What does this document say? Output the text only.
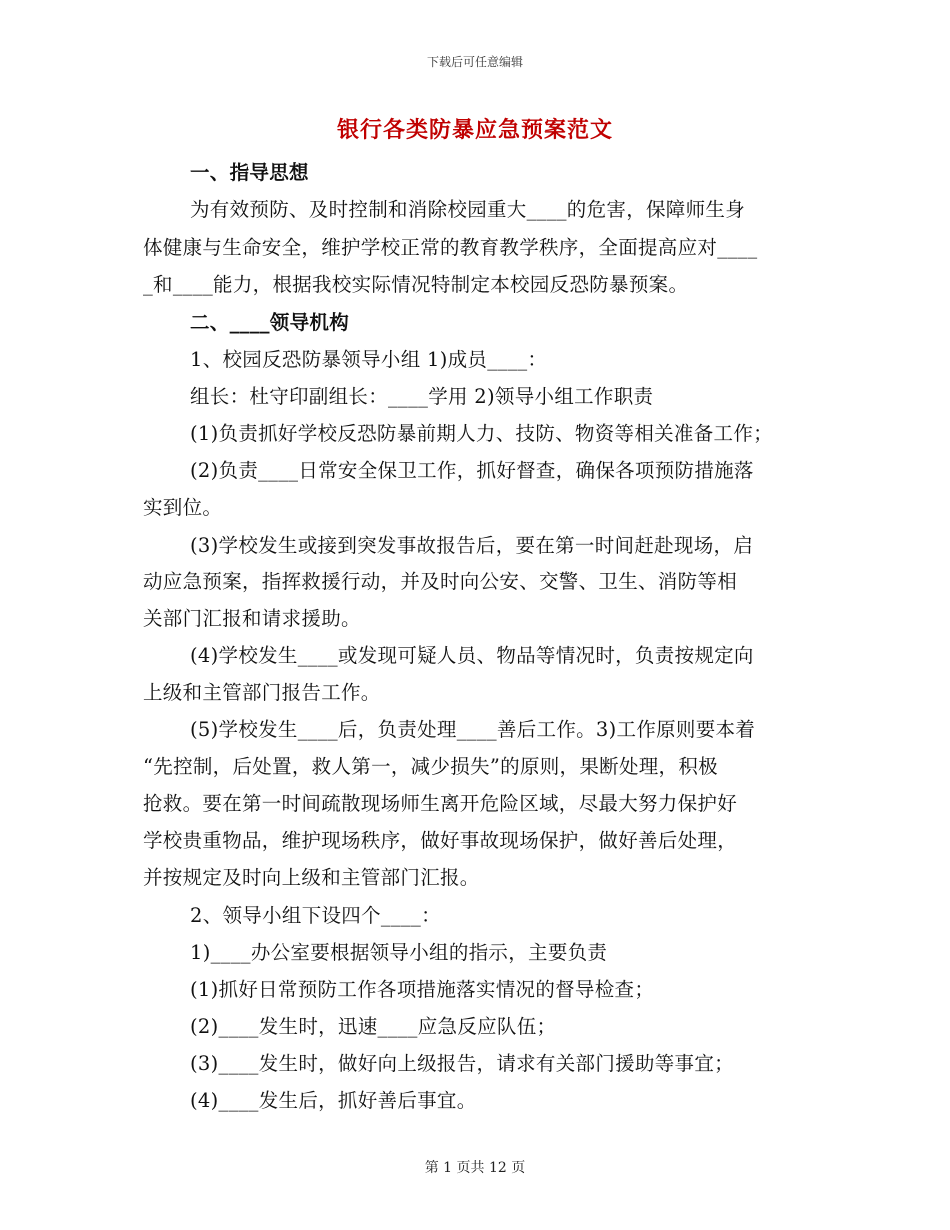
下载后可任意编辑
银行各类防暴应急预案范文
一、指导思想
为有效预防、及时控制和消除校园重大____的危害，保障师生身
体健康与生命安全，维护学校正常的教育教学秩序，全面提高应对____
_和____能力，根据我校实际情况特制定本校园反恐防暴预案。
二、____领导机构
1、校园反恐防暴领导小组 1)成员____：
组长：杜守印副组长：____学用 2)领导小组工作职责
(1)负责抓好学校反恐防暴前期人力、技防、物资等相关准备工作；
(2)负责____日常安全保卫工作，抓好督查，确保各项预防措施落
实到位。
(3)学校发生或接到突发事故报告后，要在第一时间赶赴现场，启
动应急预案，指挥救援行动，并及时向公安、交警、卫生、消防等相
关部门汇报和请求援助。
(4)学校发生____或发现可疑人员、物品等情况时，负责按规定向
上级和主管部门报告工作。
(5)学校发生____后，负责处理____善后工作。3)工作原则要本着
“先控制，后处置，救人第一，减少损失”的原则，果断处理，积极
抢救。要在第一时间疏散现场师生离开危险区域，尽最大努力保护好
学校贵重物品，维护现场秩序，做好事故现场保护，做好善后处理，
并按规定及时向上级和主管部门汇报。
2、领导小组下设四个____：
1)____办公室要根据领导小组的指示，主要负责
(1)抓好日常预防工作各项措施落实情况的督导检查；
(2)____发生时，迅速____应急反应队伍；
(3)____发生时，做好向上级报告，请求有关部门援助等事宜；
(4)____发生后，抓好善后事宜。
第 1 页共 12 页
